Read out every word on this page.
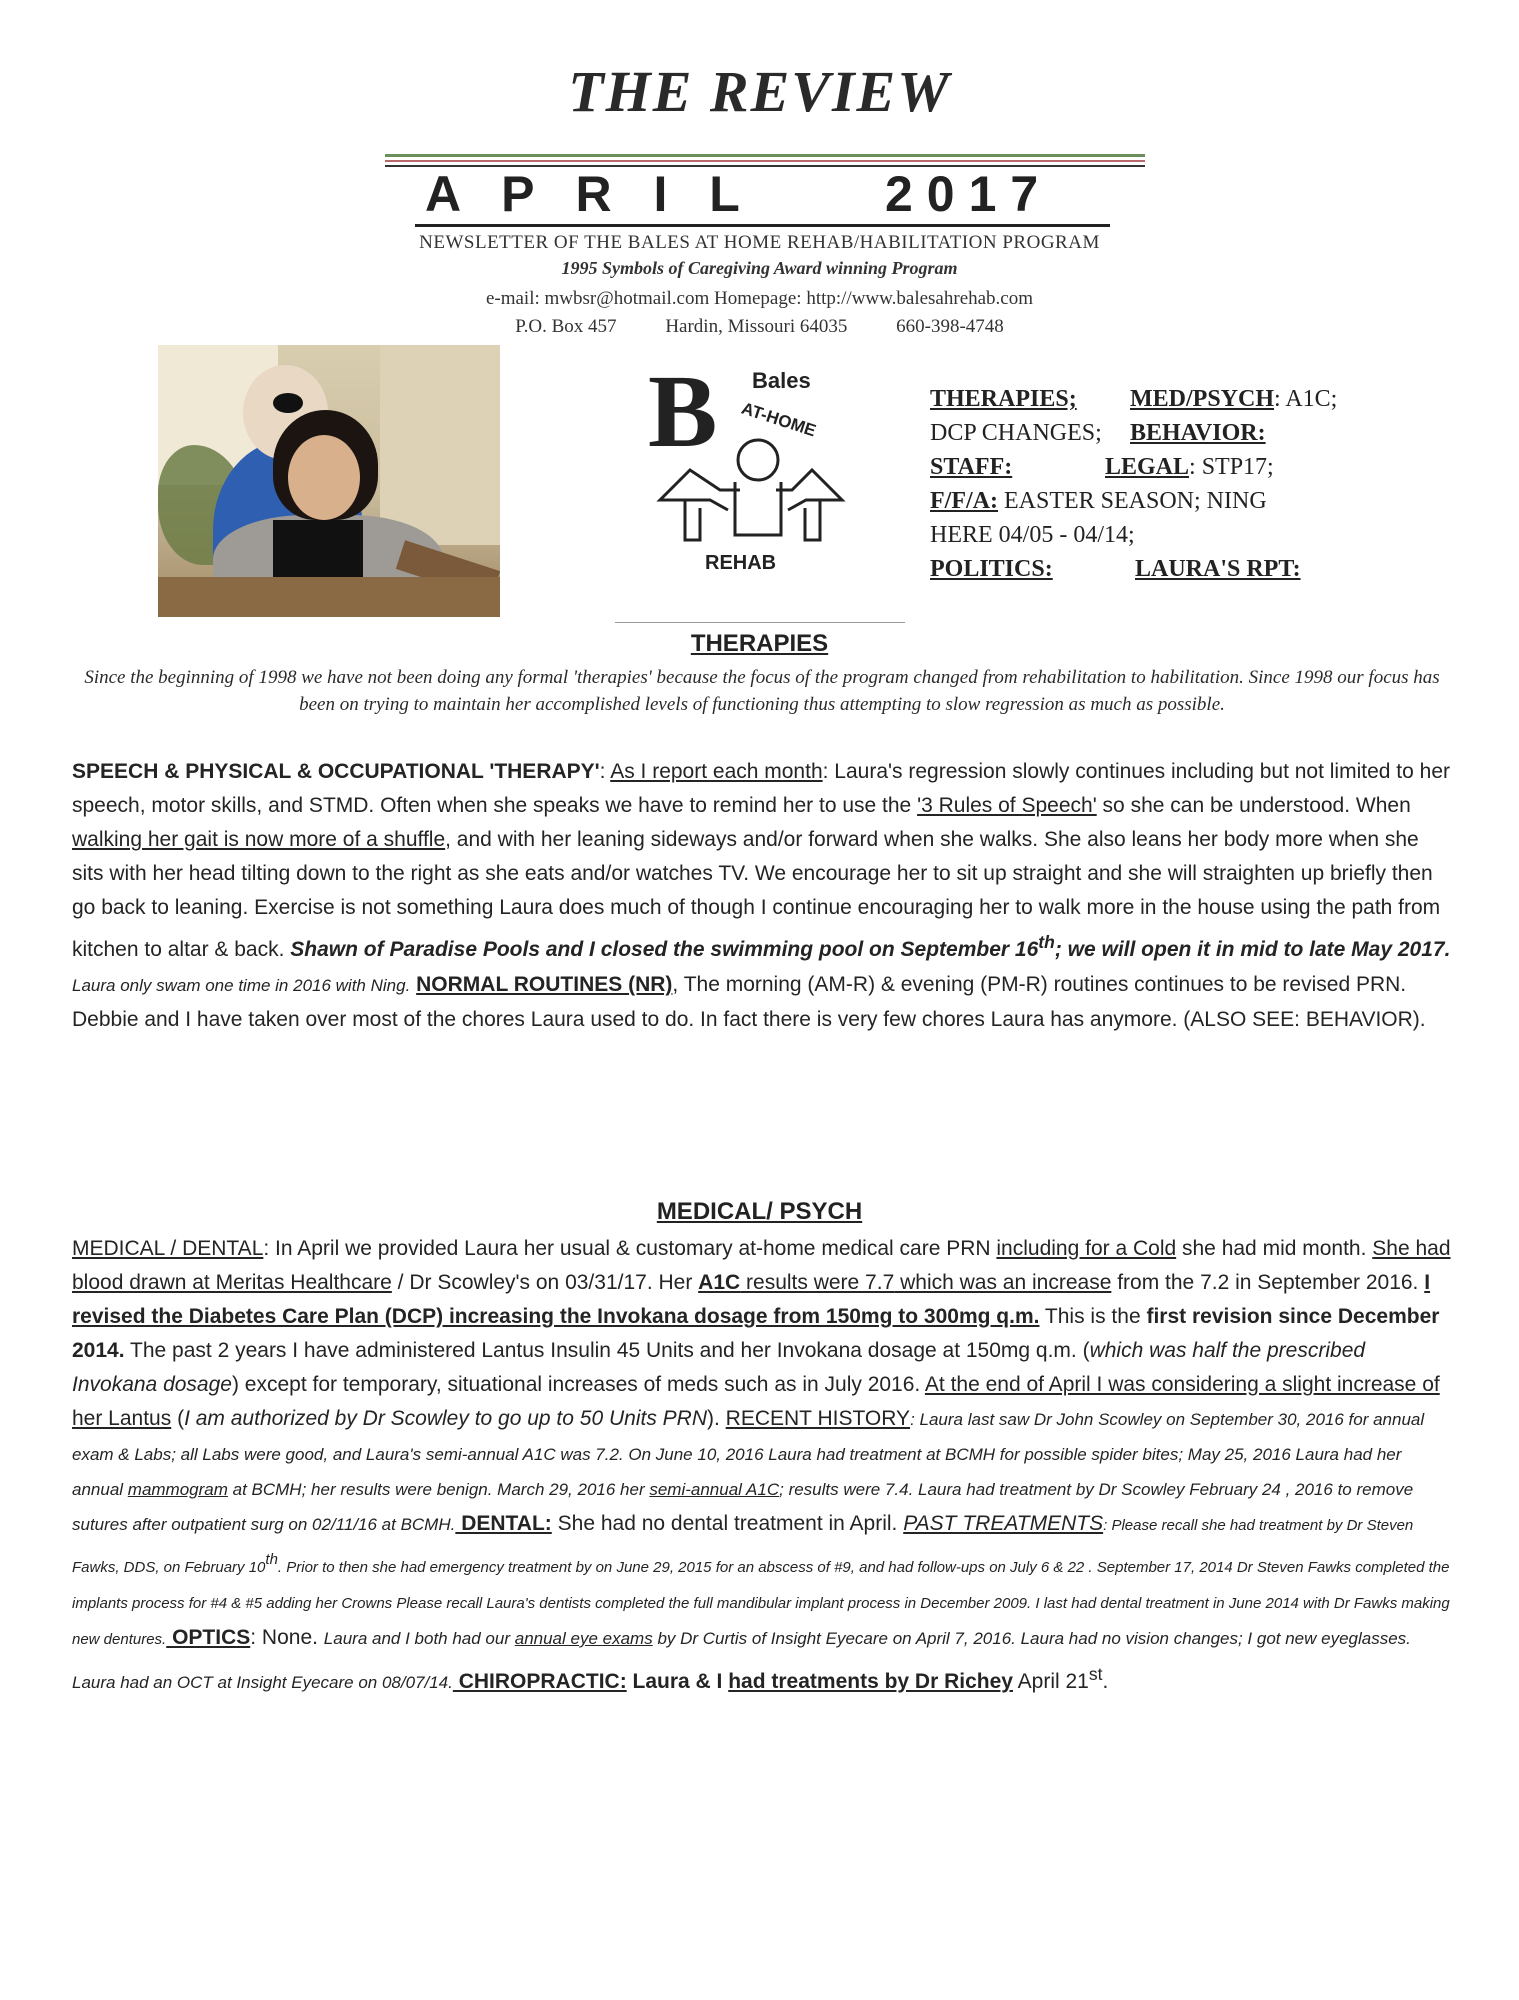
THE REVIEW
A P R I L	2017
NEWSLETTER OF THE BALES AT HOME REHAB/HABILITATION PROGRAM
1995 Symbols of Caregiving Award winning Program
e-mail: mwbsr@hotmail.com Homepage: http://www.balesahrehab.com
P.O. Box 457	Hardin, Missouri 64035	660-398-4748
B Bales
AT-HOME
REHAB
THERAPIES; MED/PSYCH: A1C;
DCP CHANGES; BEHAVIOR:
STAFF:	LEGAL: STP17;
F/F/A: EASTER SEASON; NING
HERE 04/05 - 04/14;
POLITICS:	LAURA'S RPT:
THERAPIES
Since the beginning of 1998 we have not been doing any formal 'therapies' because the focus of the program changed from rehabilitation to habilitation. Since 1998 our focus has been on trying to maintain her accomplished levels of functioning thus attempting to slow regression as much as possible.
SPEECH & PHYSICAL & OCCUPATIONAL 'THERAPY': As I report each month: Laura's regression slowly continues including but not limited to her speech, motor skills, and STMD. Often when she speaks we have to remind her to use the '3 Rules of Speech' so she can be understood. When walking her gait is now more of a shuffle, and with her leaning sideways and/or forward when she walks. She also leans her body more when she sits with her head tilting down to the right as she eats and/or watches TV. We encourage her to sit up straight and she will straighten up briefly then go back to leaning. Exercise is not something Laura does much of though I continue encouraging her to walk more in the house using the path from kitchen to altar & back. Shawn of Paradise Pools and I closed the swimming pool on September 16th; we will open it in mid to late May 2017. Laura only swam one time in 2016 with Ning. NORMAL ROUTINES (NR), The morning (AM-R) & evening (PM-R) routines continues to be revised PRN. Debbie and I have taken over most of the chores Laura used to do. In fact there is very few chores Laura has anymore. (ALSO SEE: BEHAVIOR).
MEDICAL/ PSYCH
MEDICAL / DENTAL: In April we provided Laura her usual & customary at-home medical care PRN including for a Cold she had mid month. She had blood drawn at Meritas Healthcare / Dr Scowley's on 03/31/17. Her A1C results were 7.7 which was an increase from the 7.2 in September 2016. I revised the Diabetes Care Plan (DCP) increasing the Invokana dosage from 150mg to 300mg q.m. This is the first revision since December 2014. The past 2 years I have administered Lantus Insulin 45 Units and her Invokana dosage at 150mg q.m. (which was half the prescribed Invokana dosage) except for temporary, situational increases of meds such as in July 2016. At the end of April I was considering a slight increase of her Lantus (I am authorized by Dr Scowley to go up to 50 Units PRN). RECENT HISTORY: Laura last saw Dr John Scowley on September 30, 2016 for annual exam & Labs; all Labs were good, and Laura's semi-annual A1C was 7.2. On June 10, 2016 Laura had treatment at BCMH for possible spider bites; May 25, 2016 Laura had her annual mammogram at BCMH; her results were benign. March 29, 2016 her semi-annual A1C; results were 7.4. Laura had treatment by Dr Scowley February 24 , 2016 to remove sutures after outpatient surg on 02/11/16 at BCMH. DENTAL: She had no dental treatment in April. PAST TREATMENTS: Please recall she had treatment by Dr Steven Fawks, DDS, on February 10th. Prior to then she had emergency treatment by on June 29, 2015 for an abscess of #9, and had follow-ups on July 6 & 22 . September 17, 2014 Dr Steven Fawks completed the implants process for #4 & #5 adding her Crowns Please recall Laura's dentists completed the full mandibular implant process in December 2009. I last had dental treatment in June 2014 with Dr Fawks making new dentures. OPTICS: None. Laura and I both had our annual eye exams by Dr Curtis of Insight Eyecare on April 7, 2016. Laura had no vision changes; I got new eyeglasses. Laura had an OCT at Insight Eyecare on 08/07/14. CHIROPRACTIC: Laura & I had treatments by Dr Richey April 21st.
